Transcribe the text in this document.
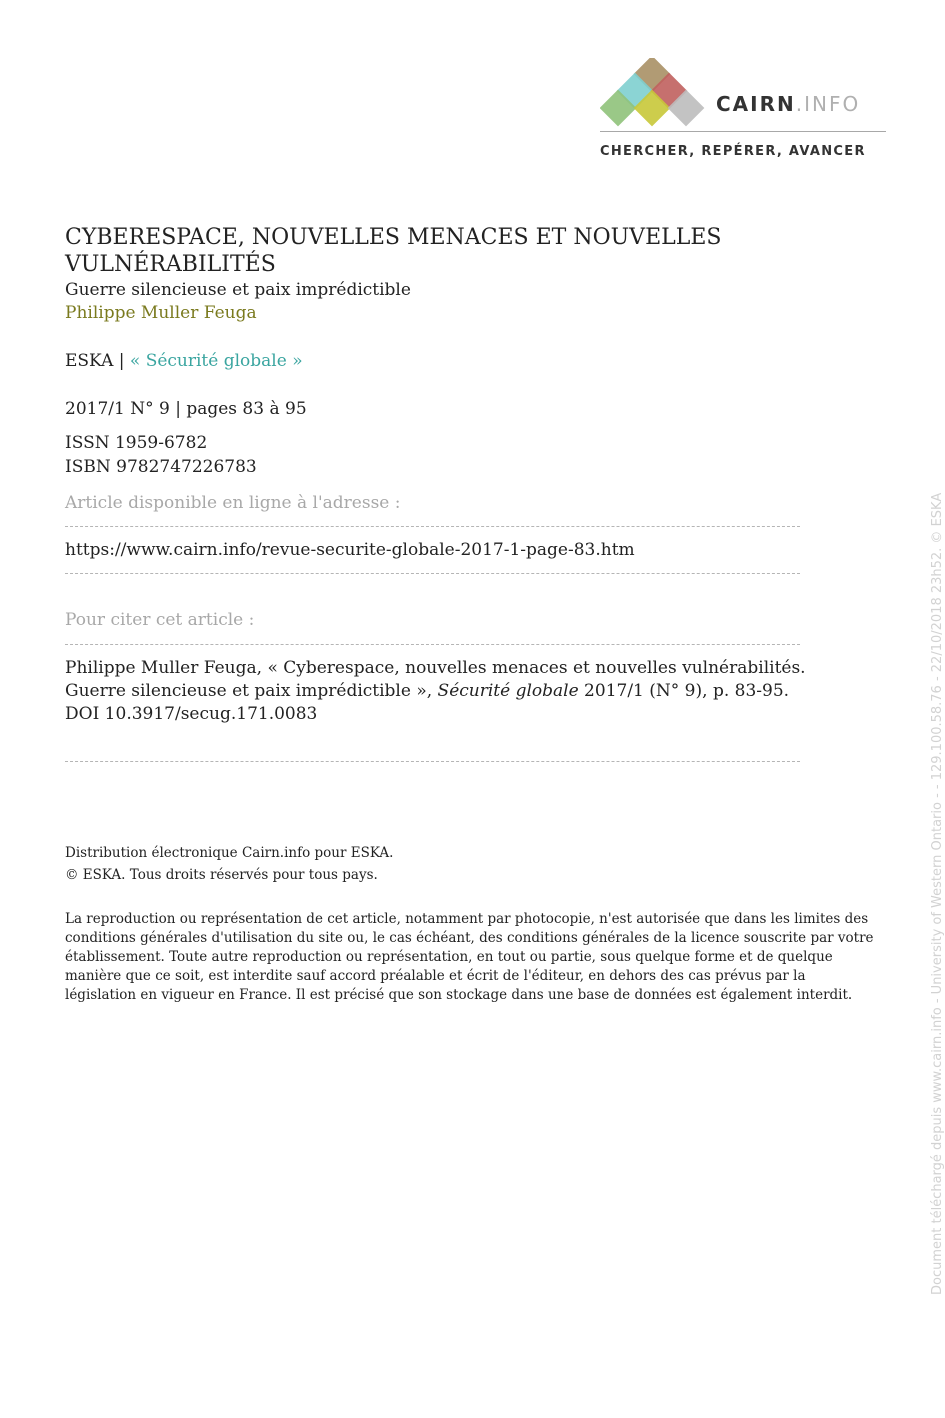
CAIRN.INFO
CHERCHER, REPÉRER, AVANCER
CYBERESPACE, NOUVELLES MENACES ET NOUVELLES VULNÉRABILITÉS
Guerre silencieuse et paix imprédictible
Philippe Muller Feuga
ESKA | « Sécurité globale »
2017/1 N° 9 | pages 83 à 95
ISSN 1959-6782
ISBN 9782747226783
Article disponible en ligne à l'adresse :
https://www.cairn.info/revue-securite-globale-2017-1-page-83.htm
Pour citer cet article :
Philippe Muller Feuga, « Cyberespace, nouvelles menaces et nouvelles vulnérabilités. Guerre silencieuse et paix imprédictible », Sécurité globale 2017/1 (N° 9), p. 83-95.
DOI 10.3917/secug.171.0083
Distribution électronique Cairn.info pour ESKA.
© ESKA. Tous droits réservés pour tous pays.
La reproduction ou représentation de cet article, notamment par photocopie, n'est autorisée que dans les limites des conditions générales d'utilisation du site ou, le cas échéant, des conditions générales de la licence souscrite par votre établissement. Toute autre reproduction ou représentation, en tout ou partie, sous quelque forme et de quelque manière que ce soit, est interdite sauf accord préalable et écrit de l'éditeur, en dehors des cas prévus par la législation en vigueur en France. Il est précisé que son stockage dans une base de données est également interdit.	Document téléchargé depuis www.cairn.info - University of Western Ontario - - 129.100.58.76 - 22/10/2018 23h52. © ESKA
